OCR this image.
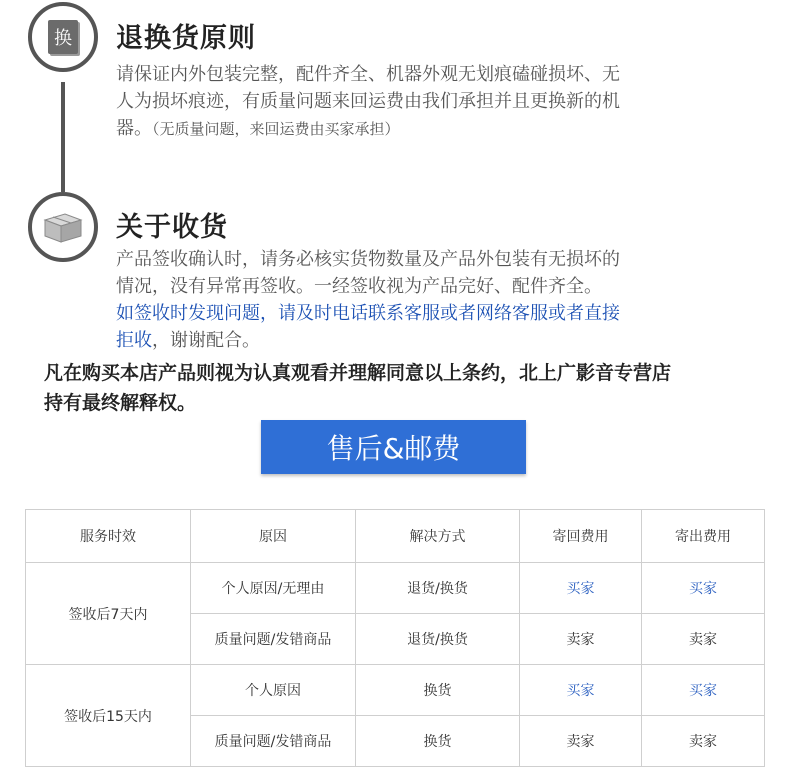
换 退换货原则
请保证内外包装完整，配件齐全、机器外观无划痕磕碰损坏、无
人为损坏痕迹，有质量问题来回运费由我们承担并且更换新的机
器。（无质量问题，来回运费由买家承担）
关于收货
产品签收确认时，请务必核实货物数量及产品外包装有无损坏的
情况，没有异常再签收。一经签收视为产品完好、配件齐全。
如签收时发现问题，请及时电话联系客服或者网络客服或者直接
拒收，谢谢配合。
凡在购买本店产品则视为认真观看并理解同意以上条约，北上广影音专营店
持有最终解释权。
售后&邮费
服务时效	原因	解决方式	寄回费用	寄出费用
签收后7天内	个人原因/无理由	退货/换货	买家	买家
	质量问题/发错商品	退货/换货	卖家	卖家
签收后15天内	个人原因	换货	买家	买家
	质量问题/发错商品	换货	卖家	卖家
